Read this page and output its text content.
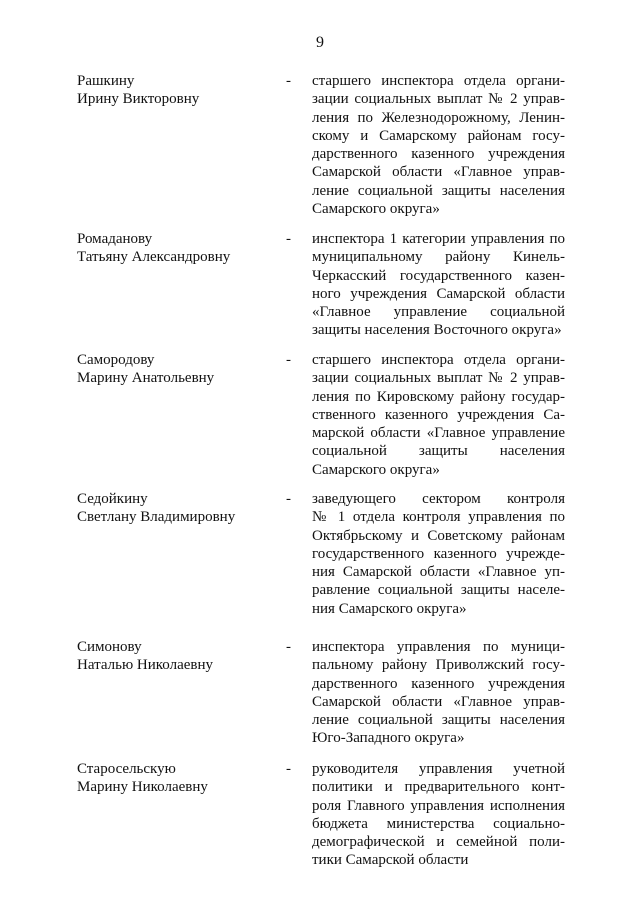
9
Рашкину
Ирину Викторовну
- старшего инспектора отдела органи-
зации социальных выплат № 2 управ-
ления по Железнодорожному, Ленин-
скому и Самарскому районам госу-
дарственного казенного учреждения
Самарской области «Главное управ-
ление социальной защиты населения
Самарского округа»
Ромаданову
Татьяну Александровну
- инспектора 1 категории управления по
муниципальному району Кинель-
Черкасский государственного казен-
ного учреждения Самарской области
«Главное управление социальной
защиты населения Восточного округа»
Самородову
Марину Анатольевну
- старшего инспектора отдела органи-
зации социальных выплат № 2 управ-
ления по Кировскому району государ-
ственного казенного учреждения Са-
марской области «Главное управление
социальной защиты населения
Самарского округа»
Седойкину
Светлану Владимировну
- заведующего сектором контроля
№ 1 отдела контроля управления по
Октябрьскому и Советскому районам
государственного казенного учрежде-
ния Самарской области «Главное уп-
равление социальной защиты населе-
ния Самарского округа»
Симонову
Наталью Николаевну
- инспектора управления по муници-
пальному району Приволжский госу-
дарственного казенного учреждения
Самарской области «Главное управ-
ление социальной защиты населения
Юго-Западного округа»
Старосельскую
Марину Николаевну
- руководителя управления учетной
политики и предварительного конт-
роля Главного управления исполнения
бюджета министерства социально-
демографической и семейной поли-
тики Самарской области
